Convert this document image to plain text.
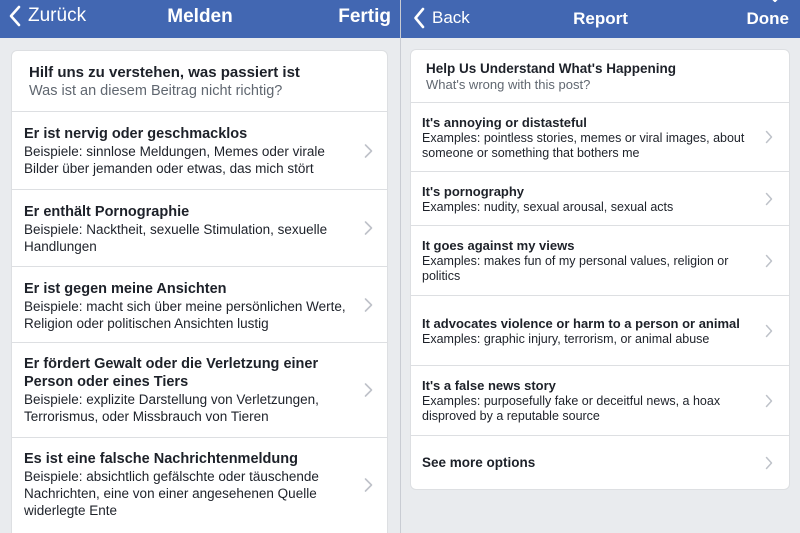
Zurück	Melden	Fertig
Hilf uns zu verstehen, was passiert ist
Was ist an diesem Beitrag nicht richtig?
Er ist nervig oder geschmacklos
Beispiele: sinnlose Meldungen, Memes oder virale Bilder über jemanden oder etwas, das mich stört
Er enthält Pornographie
Beispiele: Nacktheit, sexuelle Stimulation, sexuelle Handlungen
Er ist gegen meine Ansichten
Beispiele: macht sich über meine persönlichen Werte, Religion oder politischen Ansichten lustig
Er fördert Gewalt oder die Verletzung einer Person oder eines Tiers
Beispiele: explizite Darstellung von Verletzungen, Terrorismus, oder Missbrauch von Tieren
Es ist eine falsche Nachrichtenmeldung
Beispiele: absichtlich gefälschte oder täuschende Nachrichten, eine von einer angesehenen Quelle widerlegte Ente
Back	Report	Done
Help Us Understand What's Happening
What's wrong with this post?
It's annoying or distasteful
Examples: pointless stories, memes or viral images, about someone or something that bothers me
It's pornography
Examples: nudity, sexual arousal, sexual acts
It goes against my views
Examples: makes fun of my personal values, religion or politics
It advocates violence or harm to a person or animal
Examples: graphic injury, terrorism, or animal abuse
It's a false news story
Examples: purposefully fake or deceitful news, a hoax disproved by a reputable source
See more options
